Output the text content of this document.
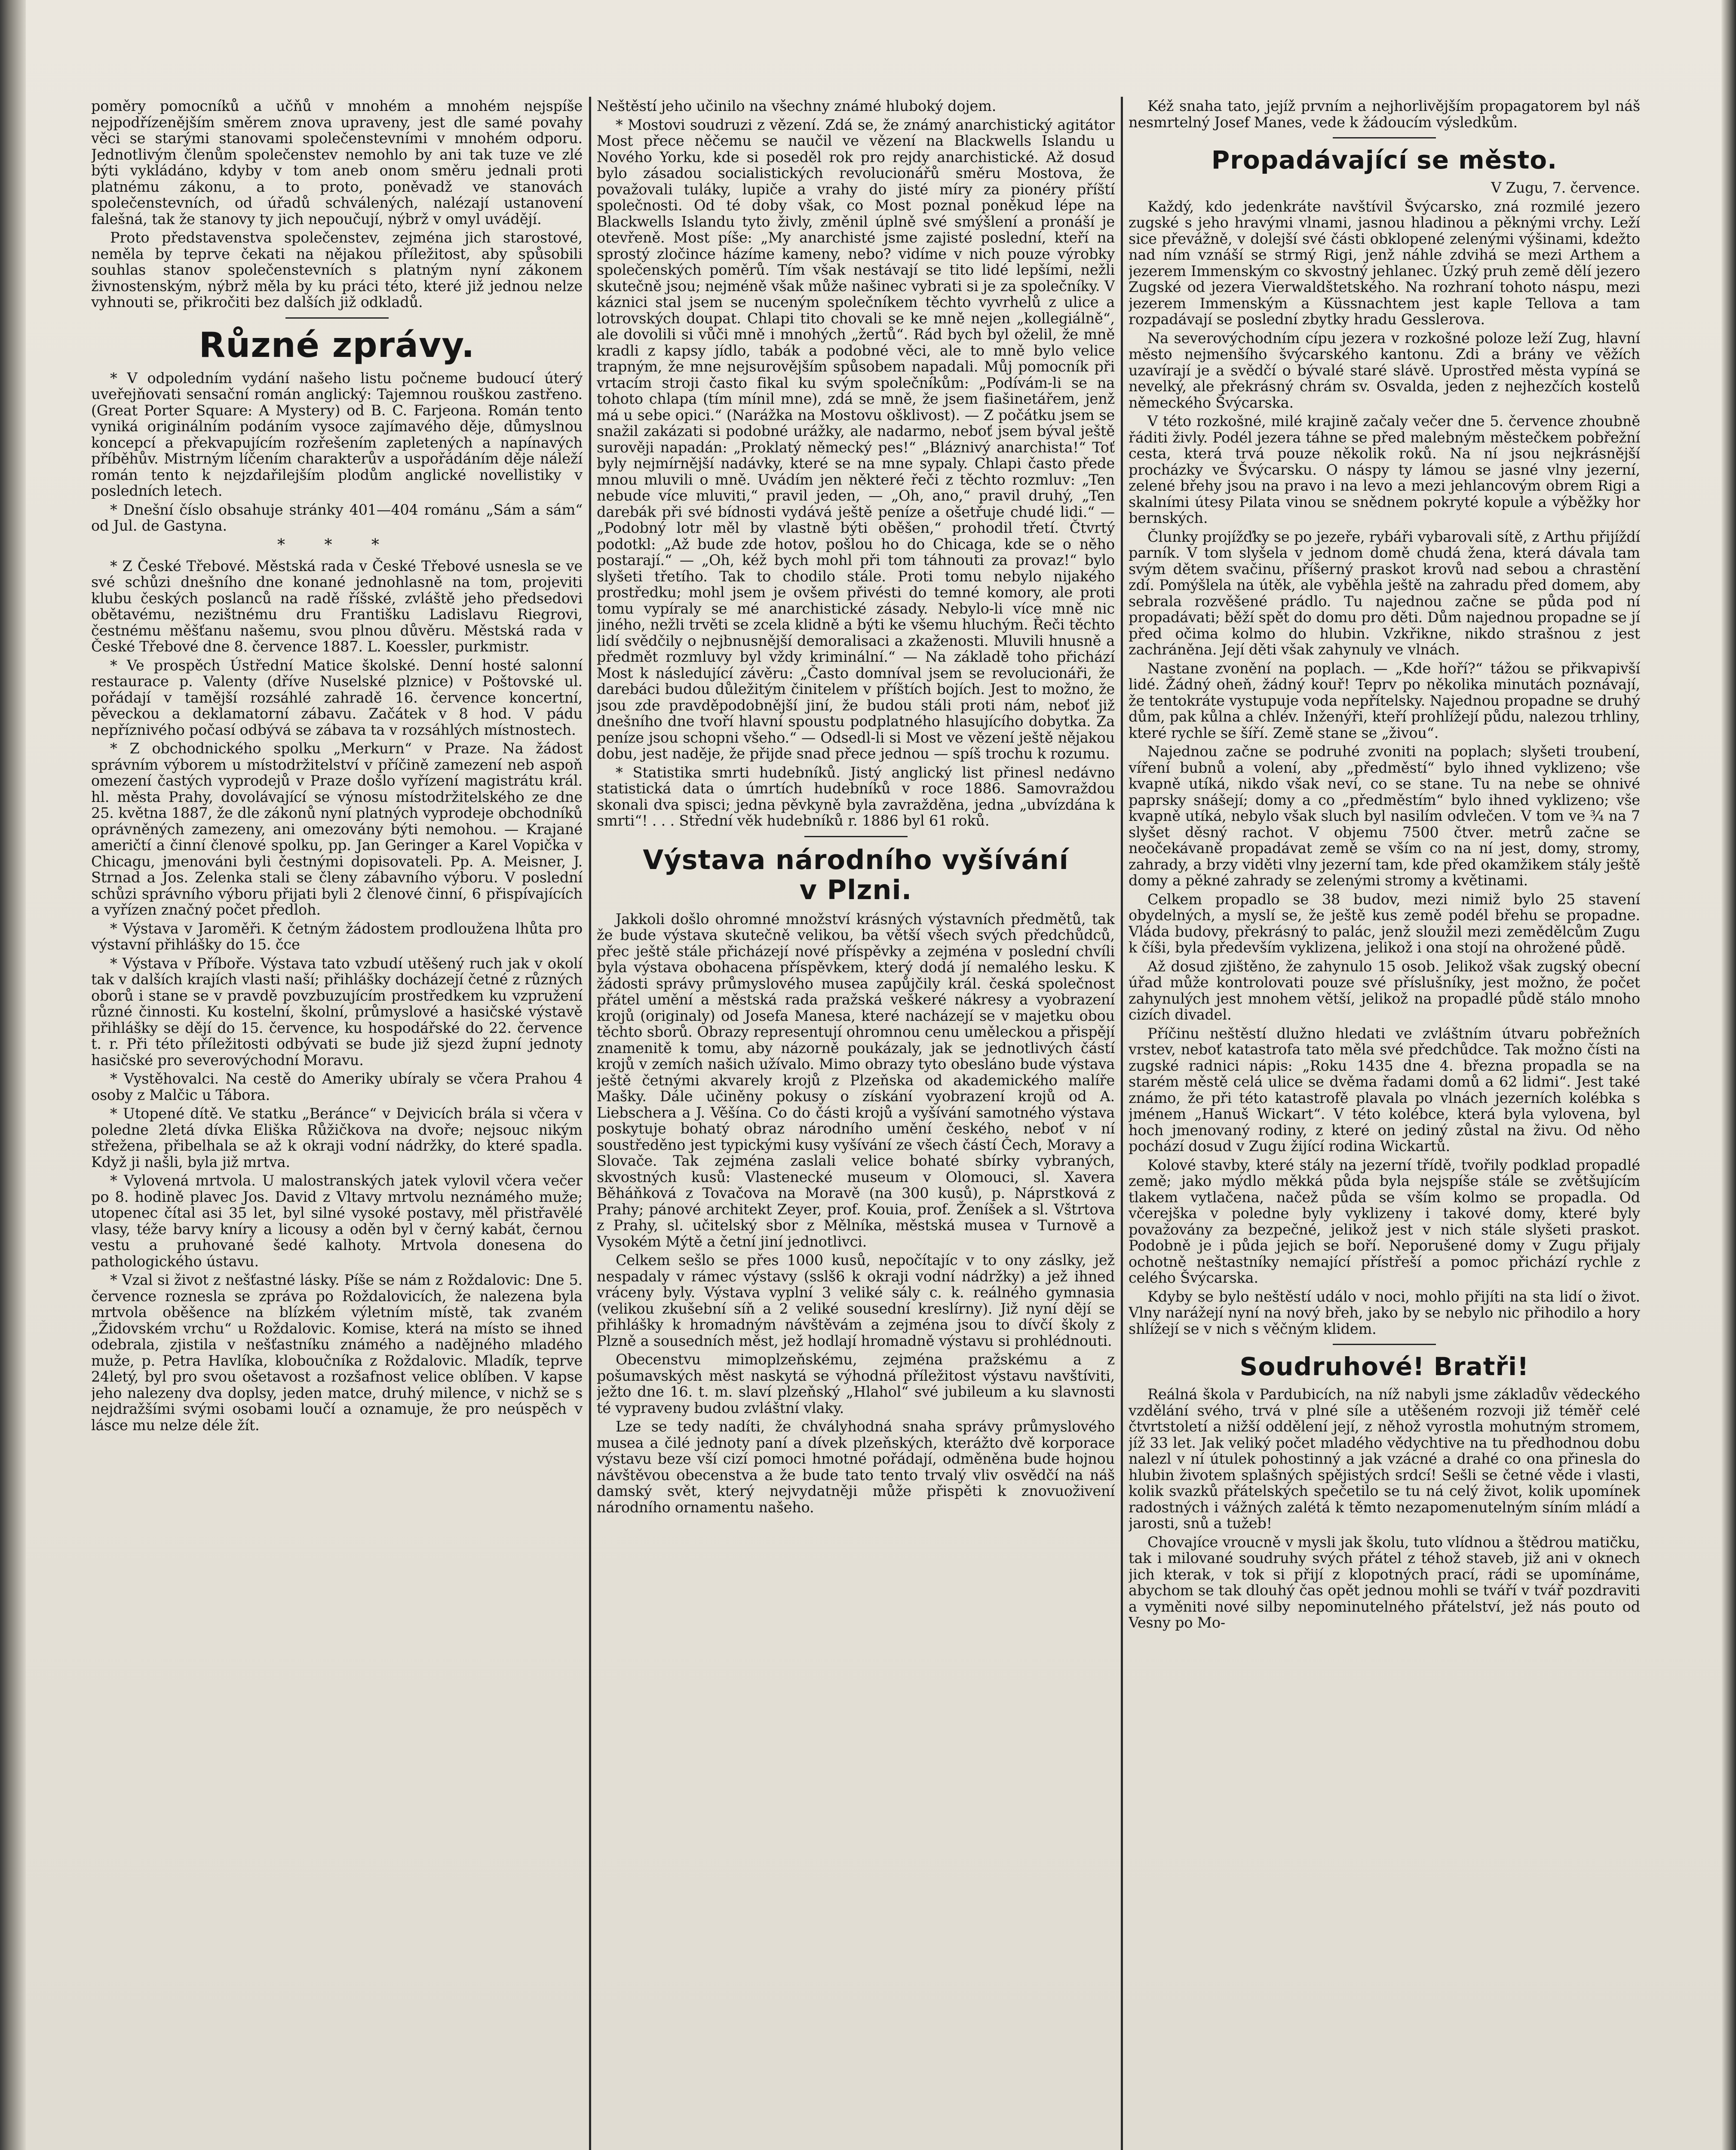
poměry pomocníků a učňů v mnohém a mnohém nejspíše nejpodřízenějším směrem znova upraveny, jest dle samé povahy věci se starými stanovami společenstevními v mnohém odporu. Jednotlivým členům společenstev nemohlo by ani tak tuze ve zlé býti vykládáno, kdyby v tom aneb onom směru jednali proti platnému zákonu, a to proto, poněvadž ve stanovách společenstevních, od úřadů schválených, nalézají ustanovení falešná, tak že stanovy ty jich nepoučují, nýbrž v omyl uvádějí.

Proto představenstva společenstev, zejména jich starostové, neměla by teprve čekati na nějakou příležitost, aby spůsobili souhlas stanov společenstevních s platným nyní zákonem živnostenským, nýbrž měla by ku práci této, které již jednou nelze vyhnouti se, přikročiti bez dalších již odkladů.

Různé zprávy.

* V odpoledním vydání našeho listu počneme budoucí úterý uveřejňovati sensační román anglický: Tajemnou rouškou zastřeno. (Great Porter Square: A Mystery) od B. C. Farjeona. Román tento vyniká originálním podáním vysoce zajímavého děje, důmyslnou koncepcí a překvapujícím rozřešením zapletených a napínavých příběhův. Mistrným líčením charakterův a uspořádáním děje náleží román tento k nejzdařilejším plodům anglické novellistiky v posledních letech.

* Dnešní číslo obsahuje stránky 401—404 románu „Sám a sám“ od Jul. de Gastyna.

* * *

* Z České Třebové. Městská rada v České Třebové usnesla se ve své schůzi dnešního dne konané jednohlasně na tom, projeviti klubu českých poslanců na radě říšské, zvláště jeho předsedovi obětavému, nezištnému dru Františku Ladislavu Riegrovi, čestnému měšťanu našemu, svou plnou důvěru. Městská rada v České Třebové dne 8. července 1887. L. Koessler, purkmistr.

* Ve prospěch Ústřední Matice školské. Denní hosté salonní restaurace p. Valenty (dříve Nuselské plznice) v Poštovské ul. pořádají v tamější rozsáhlé zahradě 16. července koncertní, pěveckou a deklamatorní zábavu. Začátek v 8 hod. V pádu nepříznivého počasí odbývá se zábava ta v rozsáhlých místnostech.

* Z obchodnického spolku „Merkurn“ v Praze. Na žádost správním výborem u místodržitelství v příčině zamezení neb aspoň omezení častých vyprodejů v Praze došlo vyřízení magistrátu král. hl. města Prahy, dovolávající se výnosu místodržitelského ze dne 25. května 1887, že dle zákonů nyní platných vyprodeje obchodníků oprávněných zamezeny, ani omezovány býti nemohou. — Krajané američtí a činní členové spolku, pp. Jan Geringer a Karel Vopička v Chicagu, jmenováni byli čestnými dopisovateli. Pp. A. Meisner, J. Strnad a Jos. Zelenka stali se členy zábavního výboru. V poslední schůzi správního výboru přijati byli 2 členové činní, 6 přispívajících a vyřízen značný počet předloh.

* Výstava v Jaroměři. K četným žádostem prodloužena lhůta pro výstavní přihlášky do 15. čce

* Výstava v Příboře. Výstava tato vzbudí utěšený ruch jak v okolí tak v dalších krajích vlasti naší; přihlášky docházejí četné z různých oborů i stane se v pravdě povzbuzujícím prostředkem ku vzpružení různé činnosti. Ku kostelní, školní, průmyslové a hasičské výstavě přihlášky se dějí do 15. července, ku hospodářské do 22. července t. r. Při této příležitosti odbývati se bude již sjezd župní jednoty hasičské pro severovýchodní Moravu.

* Vystěhovalci. Na cestě do Ameriky ubíraly se včera Prahou 4 osoby z Malčic u Tábora.

* Utopené dítě. Ve statku „Beránce“ v Dejvicích brála si včera v poledne 2letá dívka Eliška Růžičkova na dvoře; nejsouc nikým střežena, přibelhala se až k okraji vodní nádržky, do které spadla. Když ji našli, byla již mrtva.

* Vylovená mrtvola. U malostranských jatek vylovil včera večer po 8. hodině plavec Jos. David z Vltavy mrtvolu neznámého muže; utopenec čítal asi 35 let, byl silné vysoké postavy, měl přistřavělé vlasy, téže barvy kníry a licousy a oděn byl v černý kabát, černou vestu a pruhované šedé kalhoty. Mrtvola donesena do pathologického ústavu.

* Vzal si život z nešťastné lásky. Píše se nám z Roždalovic: Dne 5. července roznesla se zpráva po Roždalovicích, že nalezena byla mrtvola oběšence na blízkém výletním místě, tak zvaném „Židovském vrchu“ u Roždalovic. Komise, která na místo se ihned odebrala, zjistila v nešťastníku známého a nadějného mladého muže, p. Petra Havlíka, kloboučníka z Roždalovic. Mladík, teprve 24letý, byl pro svou ošetavost a rozšafnost velice oblíben. V kapse jeho nalezeny dva doplsy, jeden matce, druhý milence, v nichž se s nejdražšími svými osobami loučí a oznamuje, že pro neúspěch v lásce mu nelze déle žít.

Neštěstí jeho učinilo na všechny známé hluboký dojem.

* Mostovi soudruzi z vězení. Zdá se, že známý anarchistický agitátor Most přece něčemu se naučil ve vězení na Blackwells Islandu u Nového Yorku, kde si poseděl rok pro rejdy anarchistické. Až dosud bylo zásadou socialistických revolucionářů směru Mostova, že považovali tuláky, lupiče a vrahy do jisté míry za pionéry příští společnosti. Od té doby však, co Most poznal poněkud lépe na Blackwells Islandu tyto živly, změnil úplně své smýšlení a pronáší je otevřeně. Most píše: „My anarchisté jsme zajisté poslední, kteří na sprostý zločince házíme kameny, nebo? vidíme v nich pouze výrobky společenských poměrů. Tím však nestávají se tito lidé lepšími, nežli skutečně jsou; nejméně však může našinec vybrati si je za společníky. V káznici stal jsem se nuceným společníkem těchto vyvrhelů z ulice a lotrovských doupat. Chlapi tito chovali se ke mně nejen „kollegiálně“, ale dovolili si vůči mně i mnohých „žertů“. Rád bych byl oželil, že mně kradli z kapsy jídlo, tabák a podobné věci, ale to mně bylo velice trapným, že mne nejsurovějším spůsobem napadali. Můj pomocník při vrtacím stroji často fikal ku svým společníkům: „Podívám-li se na tohoto chlapa (tím mínil mne), zdá se mně, že jsem fiašinetářem, jenž má u sebe opici.“ (Narážka na Mostovu ošklivost). — Z počátku jsem se snažil zakázati si podobné urážky, ale nadarmo, neboť jsem býval ještě surověji napadán: „Proklatý německý pes!“ „Bláznivý anarchista!“ Toť byly nejmírnější nadávky, které se na mne sypaly. Chlapi často přede mnou mluvili o mně. Uvádím jen některé řeči z těchto rozmluv: „Ten nebude více mluviti,“ pravil jeden, — „Oh, ano,“ pravil druhý, „Ten darebák při své bídnosti vydává ještě peníze a ošetřuje chudé lidi.“ — „Podobný lotr měl by vlastně býti oběšen,“ prohodil třetí. Čtvrtý podotkl: „Až bude zde hotov, pošlou ho do Chicaga, kde se o něho postarají.“ — „Oh, kéž bych mohl při tom táhnouti za provaz!“ bylo slyšeti třetího. Tak to chodilo stále. Proti tomu nebylo nijakého prostředku; mohl jsem je ovšem přivésti do temné komory, ale proti tomu vypíraly se mé anarchistické zásady. Nebylo-li více mně nic jiného, nežli trvěti se zcela klidně a býti ke všemu hluchým. Řeči těchto lidí svědčily o nejbnusnější demoralisaci a zkaženosti. Mluvili hnusně a předmět rozmluvy byl vždy kriminální.“ — Na základě toho přichází Most k následující závěru: „Často domníval jsem se revolucionáři, že darebáci budou důležitým činitelem v příštích bojích. Jest to možno, že jsou zde pravděpodobnější jiní, že budou stáli proti nám, neboť již dnešního dne tvoří hlavní spoustu podplatného hlasujícího dobytka. Za peníze jsou schopni všeho.“ — Odsedl-li si Most ve vězení ještě nějakou dobu, jest naděje, že přijde snad přece jednou — spíš trochu k rozumu.

* Statistika smrti hudebníků. Jistý anglický list přinesl nedávno statistická data o úmrtích hudebníků v roce 1886. Samovraždou skonali dva spisci; jedna pěvkyně byla zavražděna, jedna „ubvízdána k smrti“! . . . Střední věk hudebníků r. 1886 byl 61 roků.

Výstava národního vyšívání
v Plzni.

Jakkoli došlo ohromné množství krásných výstavních předmětů, tak že bude výstava skutečně velikou, ba větší všech svých předchůdců, přec ještě stále přicházejí nové příspěvky a zejména v poslední chvíli byla výstava obohacena příspěvkem, který dodá jí nemalého lesku. K žádosti správy průmyslového musea zapůjčily král. česká společnost přátel umění a městská rada pražská veškeré nákresy a vyobrazení krojů (originaly) od Josefa Manesa, které nacházejí se v majetku obou těchto sborů. Obrazy representují ohromnou cenu uměleckou a přispějí znamenitě k tomu, aby názorně poukázaly, jak se jednotlivých částí krojů v zemích našich užívalo. Mimo obrazy tyto obesláno bude výstava ještě četnými akvarely krojů z Plzeňska od akademického malíře Mašky. Dále učiněny pokusy o získání vyobrazení krojů od A. Liebschera a J. Věšína. Co do části krojů a vyšívání samotného výstava poskytuje bohatý obraz národního umění českého, neboť v ní soustředěno jest typickými kusy vyšívání ze všech částí Čech, Moravy a Slovače. Tak zejména zaslali velice bohaté sbírky vybraných, skvostných kusů: Vlastenecké museum v Olomouci, sl. Xavera Běháňková z Tovačova na Moravě (na 300 kusů), p. Náprstková z Prahy; pánové architekt Zeyer, prof. Kouia, prof. Ženíšek a sl. Vštrtova z Prahy, sl. učitelský sbor z Mělníka, městská musea v Turnově a Vysokém Mýtě a četní jiní jednotlivci.

Celkem sešlo se přes 1000 kusů, nepočítajíc v to ony záslky, jež nespadaly v rámec výstavy (sslš6 k okraji vodní nádržky) a jež ihned vráceny byly. Výstava vyplní 3 veliké sály c. k. reálného gymnasia (velikou zkušební síň a 2 veliké sousední kreslírny). Již nyní dějí se přihlášky k hromadným návštěvám a zejména jsou to dívčí školy z Plzně a sousedních měst, jež hodlají hromadně výstavu si prohlédnouti.

Obecenstvu mimoplzeňskému, zejména pražskému a z pošumavských měst naskytá se výhodná příležitost výstavu navštíviti, ježto dne 16. t. m. slaví plzeňský „Hlahol“ své jubileum a ku slavnosti té vypraveny budou zvláštní vlaky.

Lze se tedy nadíti, že chvályhodná snaha správy průmyslového musea a čilé jednoty paní a dívek plzeňských, kterážto dvě korporace výstavu beze vší cizí pomoci hmotné pořádají, odměněna bude hojnou návštěvou obecenstva a že bude tato tento trvalý vliv osvědčí na náš damský svět, který nejvydatněji může přispěti k znovuoživení národního ornamentu našeho.

Kéž snaha tato, jejíž prvním a nejhorlivějším propagatorem byl náš nesmrtelný Josef Manes, vede k žádoucím výsledkům.

Propadávající se město.

V Zugu, 7. července.

Každý, kdo jedenkráte navštívil Švýcarsko, zná rozmilé jezero zugské s jeho hravými vlnami, jasnou hladinou a pěknými vrchy. Leží sice převážně, v dolejší své části obklopené zelenými výšinami, kdežto nad ním vznáší se strmý Rigi, jenž náhle zdvihá se mezi Arthem a jezerem Immenským co skvostný jehlanec. Úzký pruh země dělí jezero Zugské od jezera Vierwaldštetského. Na rozhraní tohoto náspu, mezi jezerem Immenským a Küssnachtem jest kaple Tellova a tam rozpadávají se poslední zbytky hradu Gesslerova.

Na severovýchodním cípu jezera v rozkošné poloze leží Zug, hlavní město nejmenšího švýcarského kantonu. Zdi a brány ve věžích uzavírají je a svědčí o bývalé staré slávě. Uprostřed města vypíná se nevelký, ale překrásný chrám sv. Osvalda, jeden z nejhezčích kostelů německého Švýcarska.

V této rozkošné, milé krajině začaly večer dne 5. července zhoubně řáditi živly. Podél jezera táhne se před malebným městečkem pobřežní cesta, která trvá pouze několik roků. Na ní jsou nejkrásnější procházky ve Švýcarsku. O náspy ty lámou se jasné vlny jezerní, zelené břehy jsou na pravo i na levo a mezi jehlancovým obrem Rigi a skalními útesy Pilata vinou se snědnem pokryté kopule a výběžky hor bernských.

Člunky projížďky se po jezeře, rybáři vybarovali sítě, z Arthu přijíždí parník. V tom slyšela v jednom domě chudá žena, která dávala tam svým dětem svačinu, příšerný praskot krovů nad sebou a chrastění zdí. Pomýšlela na útěk, ale vyběhla ještě na zahradu před domem, aby sebrala rozvěšené prádlo. Tu najednou začne se půda pod ní propadávati; běží spět do domu pro děti. Dům najednou propadne se jí před očima kolmo do hlubin. Vzkřikne, nikdo strašnou z jest zachráněna. Její děti však zahynuly ve vlnách.

Nastane zvonění na poplach. — „Kde hoří?“ tážou se přikvapivší lidé. Žádný oheň, žádný kouř! Teprv po několika minutách poznávají, že tentokráte vystupuje voda nepřítelsky. Najednou propadne se druhý dům, pak kůlna a chlév. Inženýři, kteří prohlížejí půdu, nalezou trhliny, které rychle se šíří. Země stane se „živou“.

Najednou začne se podruhé zvoniti na poplach; slyšeti troubení, víření bubnů a volení, aby „předměstí“ bylo ihned vyklizeno; vše kvapně utíká, nikdo však neví, co se stane. Tu na nebe se ohnivé paprsky snášejí; domy a co „předměstím“ bylo ihned vyklizeno; vše kvapně utíká, nebylo však sluch byl nasilím odvlečen. V tom ve ¾ na 7 slyšet děsný rachot. V objemu 7500 čtver. metrů začne se neočekávaně propadávat země se vším co na ní jest, domy, stromy, zahrady, a brzy viděti vlny jezerní tam, kde před okamžikem stály ještě domy a pěkné zahrady se zelenými stromy a květinami.

Celkem propadlo se 38 budov, mezi nimiž bylo 25 stavení obydelných, a myslí se, že ještě kus země podél břehu se propadne. Vláda budovy, překrásný to palác, jenž sloužil mezi zemědělcům Zugu k číši, byla především vyklizena, jelikož i ona stojí na ohrožené půdě.

Až dosud zjištěno, že zahynulo 15 osob. Jelikož však zugský obecní úřad může kontrolovati pouze své příslušníky, jest možno, že počet zahynulých jest mnohem větší, jelikož na propadlé půdě stálo mnoho cizích divadel.

Příčinu neštěstí dlužno hledati ve zvláštním útvaru pobřežních vrstev, neboť katastrofa tato měla své předchůdce. Tak možno čísti na zugské radnici nápis: „Roku 1435 dne 4. března propadla se na starém městě celá ulice se dvěma řadami domů a 62 lidmi“. Jest také známo, že při této katastrofě plavala po vlnách jezerních kolébka s jménem „Hanuš Wickart“. V této kolébce, která byla vylovena, byl hoch jmenovaný rodiny, z které on jediný zůstal na živu. Od něho pochází dosud v Zugu žijící rodina Wickartů.

Kolové stavby, které stály na jezerní třídě, tvořily podklad propadlé země; jako mýdlo měkká půda byla nejspíše stále se zvětšujícím tlakem vytlačena, načež půda se vším kolmo se propadla. Od včerejška v poledne byly vyklizeny i takové domy, které byly považovány za bezpečné, jelikož jest v nich stále slyšeti praskot. Podobně je i půda jejich se boří. Neporušené domy v Zugu přijaly ochotně neštastníky nemající přístřeší a pomoc přichází rychle z celého Švýcarska.

Kdyby se bylo neštěstí událo v noci, mohlo přijíti na sta lidí o život. Vlny narážejí nyní na nový břeh, jako by se nebylo nic přihodilo a hory shlížejí se v nich s věčným klidem.

Soudruhové! Bratři!

Reálná škola v Pardubicích, na níž nabyli jsme základův vědeckého vzdělání svého, trvá v plné síle a utěšeném rozvoji již téměř celé čtvrtstoletí a nižší oddělení její, z něhož vyrostla mohutným stromem, jíž 33 let. Jak veliký počet mladého vědychtive na tu předhodnou dobu nalezl v ní útulek pohostinný a jak vzácné a drahé co ona přinesla do hlubin životem splašných spějistých srdcí! Sešli se četné věde i vlasti, kolik svazků přátelských spečetilo se tu ná celý život, kolik upomínek radostných i vážných zalétá k těmto nezapomenutelným síním mládí a jarosti, snů a tužeb!

Chovajíce vroucně v mysli jak školu, tuto vlídnou a štědrou matičku, tak i milované soudruhy svých přátel z téhož staveb, již ani v oknech jich kterak, v tok si přijí z klopotných prací, rádi se upomínáme, abychom se tak dlouhý čas opět jednou mohli se tváří v tvář pozdraviti a vyměniti nové silby nepominutelného přátelství, jež nás pouto od Vesny po Mo-
